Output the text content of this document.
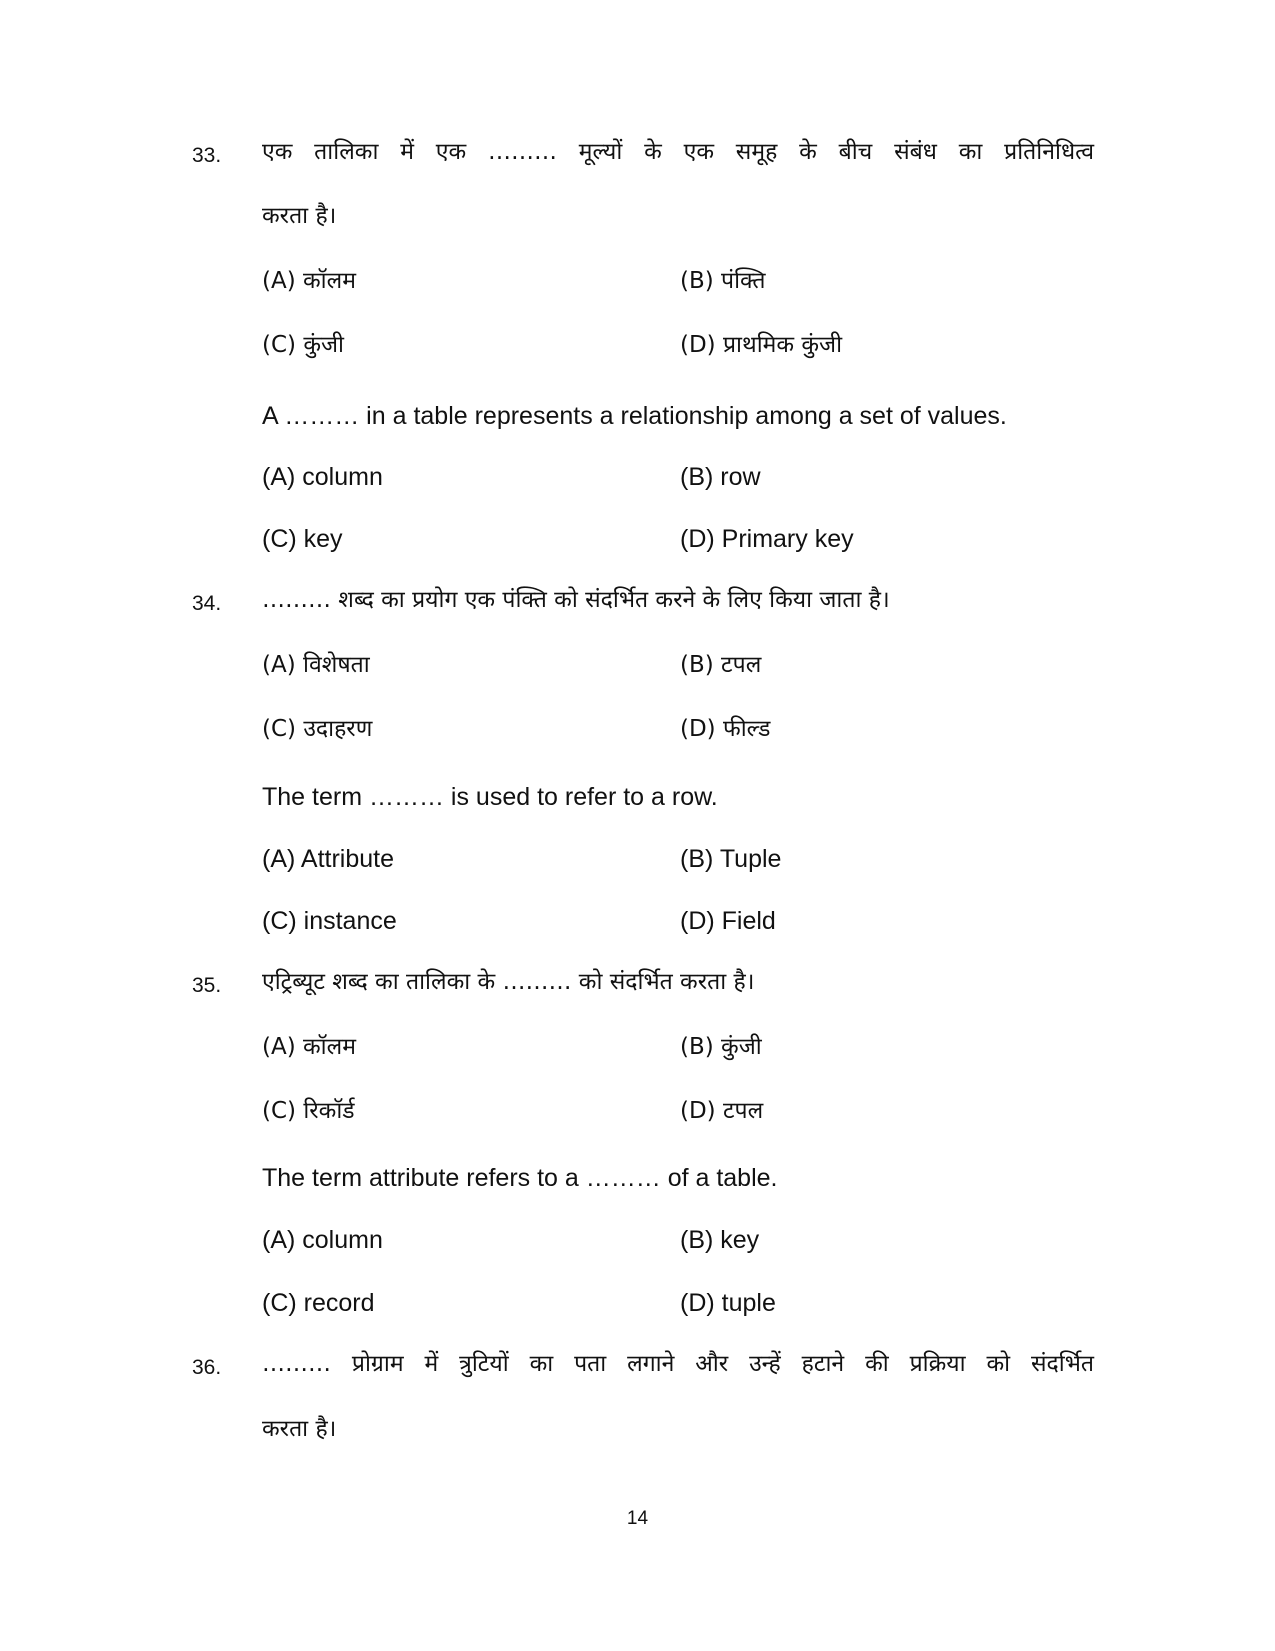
33. एक तालिका में एक ……… मूल्यों के एक समूह के बीच संबंध का प्रतिनिधित्व
करता है।
(A) कॉलम	(B) पंक्ति
(C) कुंजी	(D) प्राथमिक कुंजी
A ……… in a table represents a relationship among a set of values.
(A) column	(B) row
(C) key	(D) Primary key
34. ……… शब्द का प्रयोग एक पंक्ति को संदर्भित करने के लिए किया जाता है।
(A) विशेषता	(B) टपल
(C) उदाहरण	(D) फील्ड
The term ……… is used to refer to a row.
(A) Attribute	(B) Tuple
(C) instance	(D) Field
35. एट्रिब्यूट शब्द का तालिका के ……… को संदर्भित करता है।
(A) कॉलम	(B) कुंजी
(C) रिकॉर्ड	(D) टपल
The term attribute refers to a ……… of a table.
(A) column	(B) key
(C) record	(D) tuple
36. ……… प्रोग्राम में त्रुटियों का पता लगाने और उन्हें हटाने की प्रक्रिया को संदर्भित
करता है।
14
